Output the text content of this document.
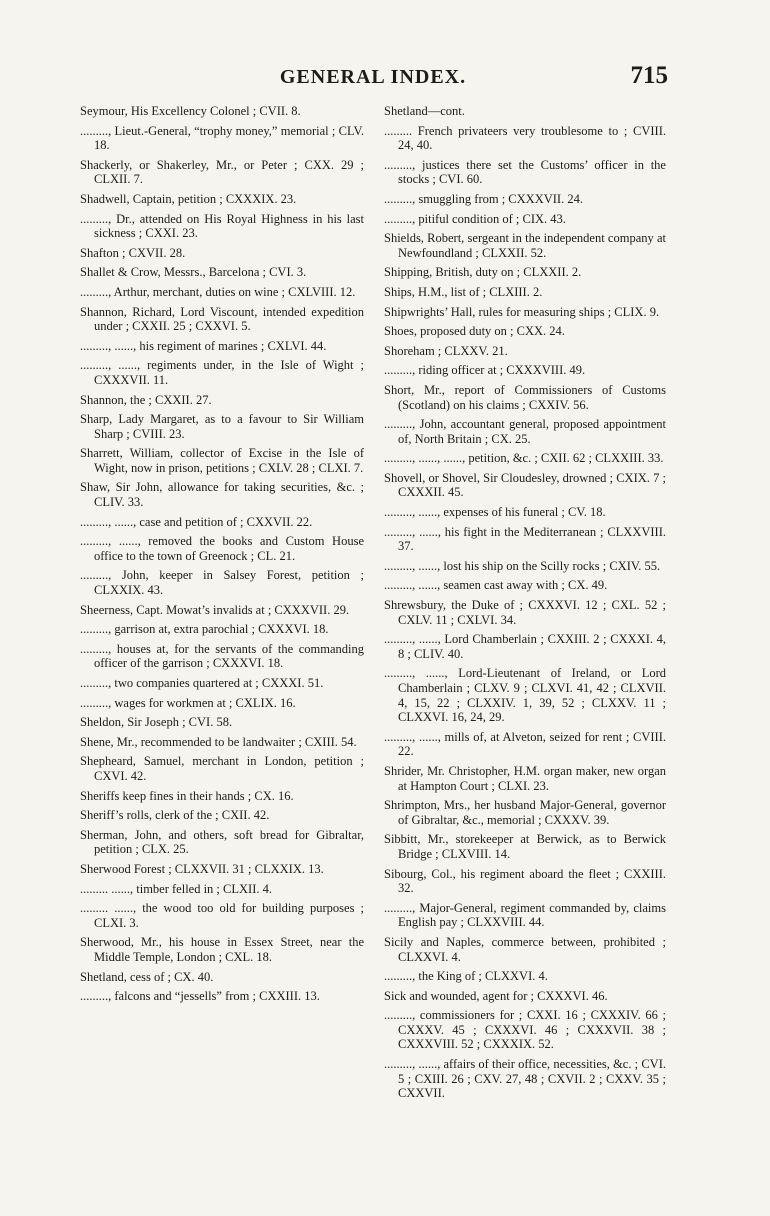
GENERAL INDEX.	715
Seymour, His Excellency Colonel ; CVII. 8.
........., Lieut.-General, “trophy money,” memorial ; CLV. 18.
Shackerly, or Shakerley, Mr., or Peter ; CXX. 29 ; CLXII. 7.
Shadwell, Captain, petition ; CXXXIX. 23.
........., Dr., attended on His Royal Highness in his last sickness ; CXXI. 23.
Shafton ; CXVII. 28.
Shallet & Crow, Messrs., Barcelona ; CVI. 3.
........., Arthur, merchant, duties on wine ; CXLVIII. 12.
Shannon, Richard, Lord Viscount, intended expedition under ; CXXII. 25 ; CXXVI. 5.
........., ......, his regiment of marines ; CXLVI. 44.
........., ......, regiments under, in the Isle of Wight ; CXXXVII. 11.
Shannon, the ; CXXII. 27.
Sharp, Lady Margaret, as to a favour to Sir William Sharp ; CVIII. 23.
Sharrett, William, collector of Excise in the Isle of Wight, now in prison, petitions ; CXLV. 28 ; CLXI. 7.
Shaw, Sir John, allowance for taking securities, &c. ; CLIV. 33.
........., ......, case and petition of ; CXXVII. 22.
........., ......, removed the books and Custom House office to the town of Greenock ; CL. 21.
........., John, keeper in Salsey Forest, petition ; CLXXIX. 43.
Sheerness, Capt. Mowat’s invalids at ; CXXXVII. 29.
........., garrison at, extra parochial ; CXXXVI. 18.
........., houses at, for the servants of the commanding officer of the garrison ; CXXXVI. 18.
........., two companies quartered at ; CXXXI. 51.
........., wages for workmen at ; CXLIX. 16.
Sheldon, Sir Joseph ; CVI. 58.
Shene, Mr., recommended to be landwaiter ; CXIII. 54.
Shepheard, Samuel, merchant in London, petition ; CXVI. 42.
Sheriffs keep fines in their hands ; CX. 16.
Sheriff’s rolls, clerk of the ; CXII. 42.
Sherman, John, and others, soft bread for Gibraltar, petition ; CLX. 25.
Sherwood Forest ; CLXXVII. 31 ; CLXXIX. 13.
......... ......, timber felled in ; CLXII. 4.
......... ......, the wood too old for building purposes ; CLXI. 3.
Sherwood, Mr., his house in Essex Street, near the Middle Temple, London ; CXL. 18.
Shetland, cess of ; CX. 40.
........., falcons and “jessells” from ; CXXIII. 13.
Shetland—cont.
......... French privateers very troublesome to ; CVIII. 24, 40.
........., justices there set the Customs’ officer in the stocks ; CVI. 60.
........., smuggling from ; CXXXVII. 24.
........., pitiful condition of ; CIX. 43.
Shields, Robert, sergeant in the independent company at Newfoundland ; CLXXII. 52.
Shipping, British, duty on ; CLXXII. 2.
Ships, H.M., list of ; CLXIII. 2.
Shipwrights’ Hall, rules for measuring ships ; CLIX. 9.
Shoes, proposed duty on ; CXX. 24.
Shoreham ; CLXXV. 21.
........., riding officer at ; CXXXVIII. 49.
Short, Mr., report of Commissioners of Customs (Scotland) on his claims ; CXXIV. 56.
........., John, accountant general, proposed appointment of, North Britain ; CX. 25.
........., ......, ......, petition, &c. ; CXII. 62 ; CLXXIII. 33.
Shovell, or Shovel, Sir Cloudesley, drowned ; CXIX. 7 ; CXXXII. 45.
........., ......, expenses of his funeral ; CV. 18.
........., ......, his fight in the Mediterranean ; CLXXVIII. 37.
........., ......, lost his ship on the Scilly rocks ; CXIV. 55.
........., ......, seamen cast away with ; CX. 49.
Shrewsbury, the Duke of ; CXXXVI. 12 ; CXL. 52 ; CXLV. 11 ; CXLVI. 34.
........., ......, Lord Chamberlain ; CXXIII. 2 ; CXXXI. 4, 8 ; CLIV. 40.
........., ......, Lord-Lieutenant of Ireland, or Lord Chamberlain ; CLXV. 9 ; CLXVI. 41, 42 ; CLXVII. 4, 15, 22 ; CLXXIV. 1, 39, 52 ; CLXXV. 11 ; CLXXVI. 16, 24, 29.
........., ......, mills of, at Alveton, seized for rent ; CVIII. 22.
Shrider, Mr. Christopher, H.M. organ maker, new organ at Hampton Court ; CLXI. 23.
Shrimpton, Mrs., her husband Major-General, governor of Gibraltar, &c., memorial ; CXXXV. 39.
Sibbitt, Mr., storekeeper at Berwick, as to Berwick Bridge ; CLXVIII. 14.
Sibourg, Col., his regiment aboard the fleet ; CXXIII. 32.
........., Major-General, regiment commanded by, claims English pay ; CLXXVIII. 44.
Sicily and Naples, commerce between, prohibited ; CLXXVI. 4.
........., the King of ; CLXXVI. 4.
Sick and wounded, agent for ; CXXXVI. 46.
........., commissioners for ; CXXI. 16 ; CXXXIV. 66 ; CXXXV. 45 ; CXXXVI. 46 ; CXXXVII. 38 ; CXXXVIII. 52 ; CXXXIX. 52.
........., ......, affairs of their office, necessities, &c. ; CVI. 5 ; CXIII. 26 ; CXV. 27, 48 ; CXVII. 2 ; CXXV. 35 ; CXXVII.
